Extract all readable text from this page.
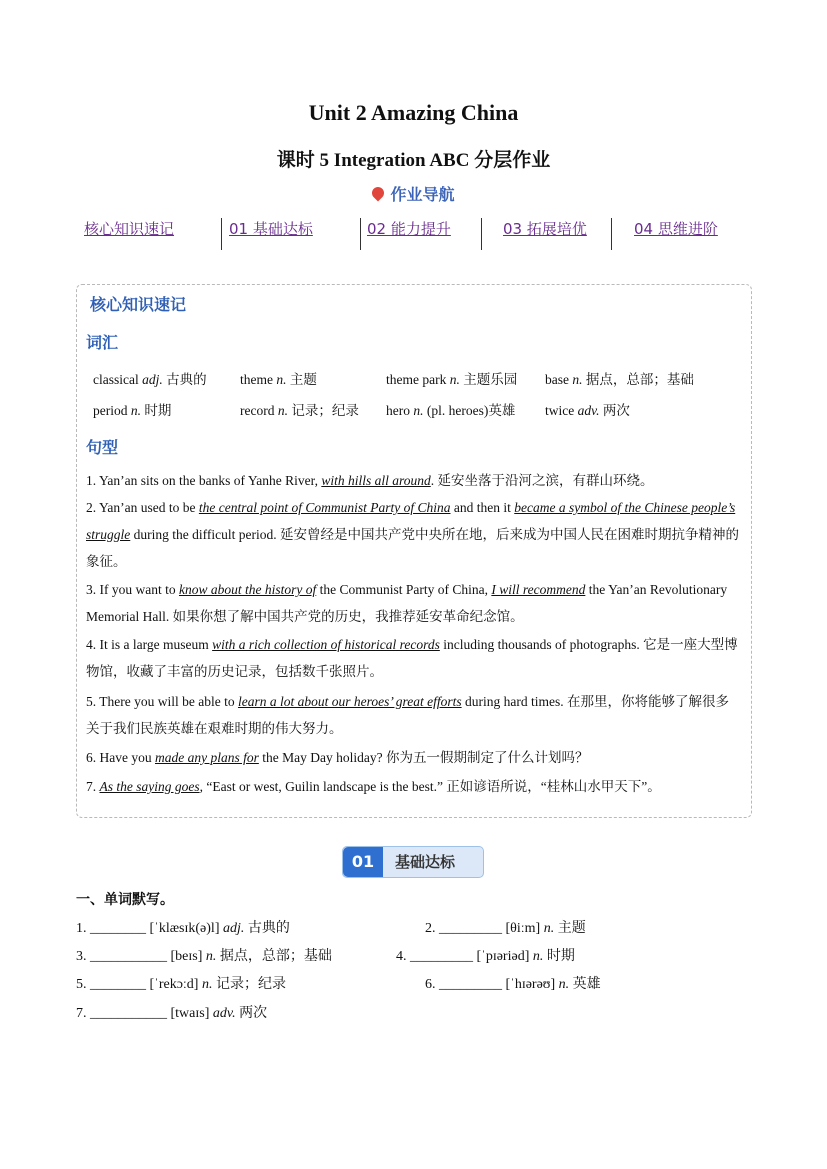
Unit 2 Amazing China
课时 5 Integration ABC 分层作业
作业导航
核心知识速记	01 基础达标	02 能力提升	03 拓展培优	04 思维进阶
核心知识速记
词汇
classical adj. 古典的 theme n. 主题	theme park n. 主题乐园 base n. 据点，总部；基础
period n. 时期	record n. 记录；纪录 hero n. (pl. heroes)英雄 twice adv. 两次
句型
1. Yan’an sits on the banks of Yanhe River, with hills all around. 延安坐落于沿河之滨，有群山环绕。
2. Yan’an used to be the central point of Communist Party of China and then it became a symbol of the Chinese people’s struggle during the difficult period. 延安曾经是中国共产党中央所在地，后来成为中国人民在困难时期抗争精神的象征。
3. If you want to know about the history of the Communist Party of China, I will recommend the Yan’an Revolutionary Memorial Hall. 如果你想了解中国共产党的历史，我推荐延安革命纪念馆。
4. It is a large museum with a rich collection of historical records including thousands of photographs. 它是一座大型博物馆，收藏了丰富的历史记录，包括数千张照片。
5. There you will be able to learn a lot about our heroes’ great efforts during hard times. 在那里，你将能够了解很多关于我们民族英雄在艰难时期的伟大努力。
6. Have you made any plans for the May Day holiday? 你为五一假期制定了什么计划吗？
7. As the saying goes, “East or west, Guilin landscape is the best.” 正如谚语所说，“桂林山水甲天下”。
01	基础达标
一、单词默写。
1. ________ [ˈklæsɪk(ə)l] adj. 古典的	2. _________ [θiːm] n. 主题
3. ___________ [beɪs] n. 据点，总部；基础	4. _________ [ˈpɪəriəd] n. 时期
5. ________ [ˈrekɔːd] n. 记录；纪录	6. _________ [ˈhɪərəʊ] n. 英雄
7. ___________ [twaɪs] adv. 两次
